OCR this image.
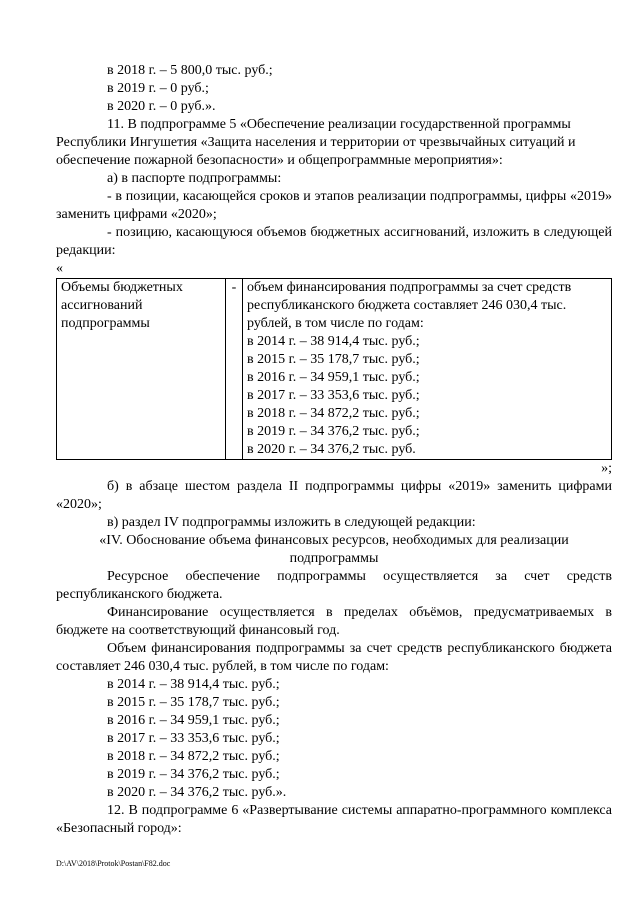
в 2018 г. – 5 800,0 тыс. руб.;

в 2019 г. – 0 руб.;

в 2020 г. – 0 руб.».

11. В подпрограмме 5 «Обеспечение реализации государственной программы Республики Ингушетия «Защита населения и территории от чрезвычайных ситуаций и обеспечение пожарной безопасности» и общепрограммные мероприятия»:

а) в паспорте подпрограммы:

- в позиции, касающейся сроков и этапов реализации подпрограммы, цифры «2019» заменить цифрами «2020»;

- позицию, касающуюся объемов бюджетных ассигнований, изложить в следующей редакции:

«

Объемы бюджетных ассигнований подпрограммы	-	объем финансирования подпрограммы за счет средств республиканского бюджета составляет 246 030,4 тыс. рублей, в том числе по годам:
в 2014 г. – 38 914,4 тыс. руб.;
в 2015 г. – 35 178,7 тыс. руб.;
в 2016 г. – 34 959,1 тыс. руб.;
в 2017 г. – 33 353,6 тыс. руб.;
в 2018 г. – 34 872,2 тыс. руб.;
в 2019 г. – 34 376,2 тыс. руб.;
в 2020 г. – 34 376,2 тыс. руб.

»;

б) в абзаце шестом раздела II подпрограммы цифры «2019» заменить цифрами «2020»;

в) раздел IV подпрограммы изложить в следующей редакции:

«IV. Обоснование объема финансовых ресурсов, необходимых для реализации подпрограммы

Ресурсное обеспечение подпрограммы осуществляется за счет средств республиканского бюджета.

Финансирование осуществляется в пределах объёмов, предусматриваемых в бюджете на соответствующий финансовый год.

Объем финансирования подпрограммы за счет средств республиканского бюджета составляет 246 030,4 тыс. рублей, в том числе по годам:

в 2014 г. – 38 914,4 тыс. руб.;

в 2015 г. – 35 178,7 тыс. руб.;

в 2016 г. – 34 959,1 тыс. руб.;

в 2017 г. – 33 353,6 тыс. руб.;

в 2018 г. – 34 872,2 тыс. руб.;

в 2019 г. – 34 376,2 тыс. руб.;

в 2020 г. – 34 376,2 тыс. руб.».

12. В подпрограмме 6 «Развертывание системы аппаратно-программного комплекса «Безопасный город»:

D:\AV\2018\Protok\Postan\F82.doc
